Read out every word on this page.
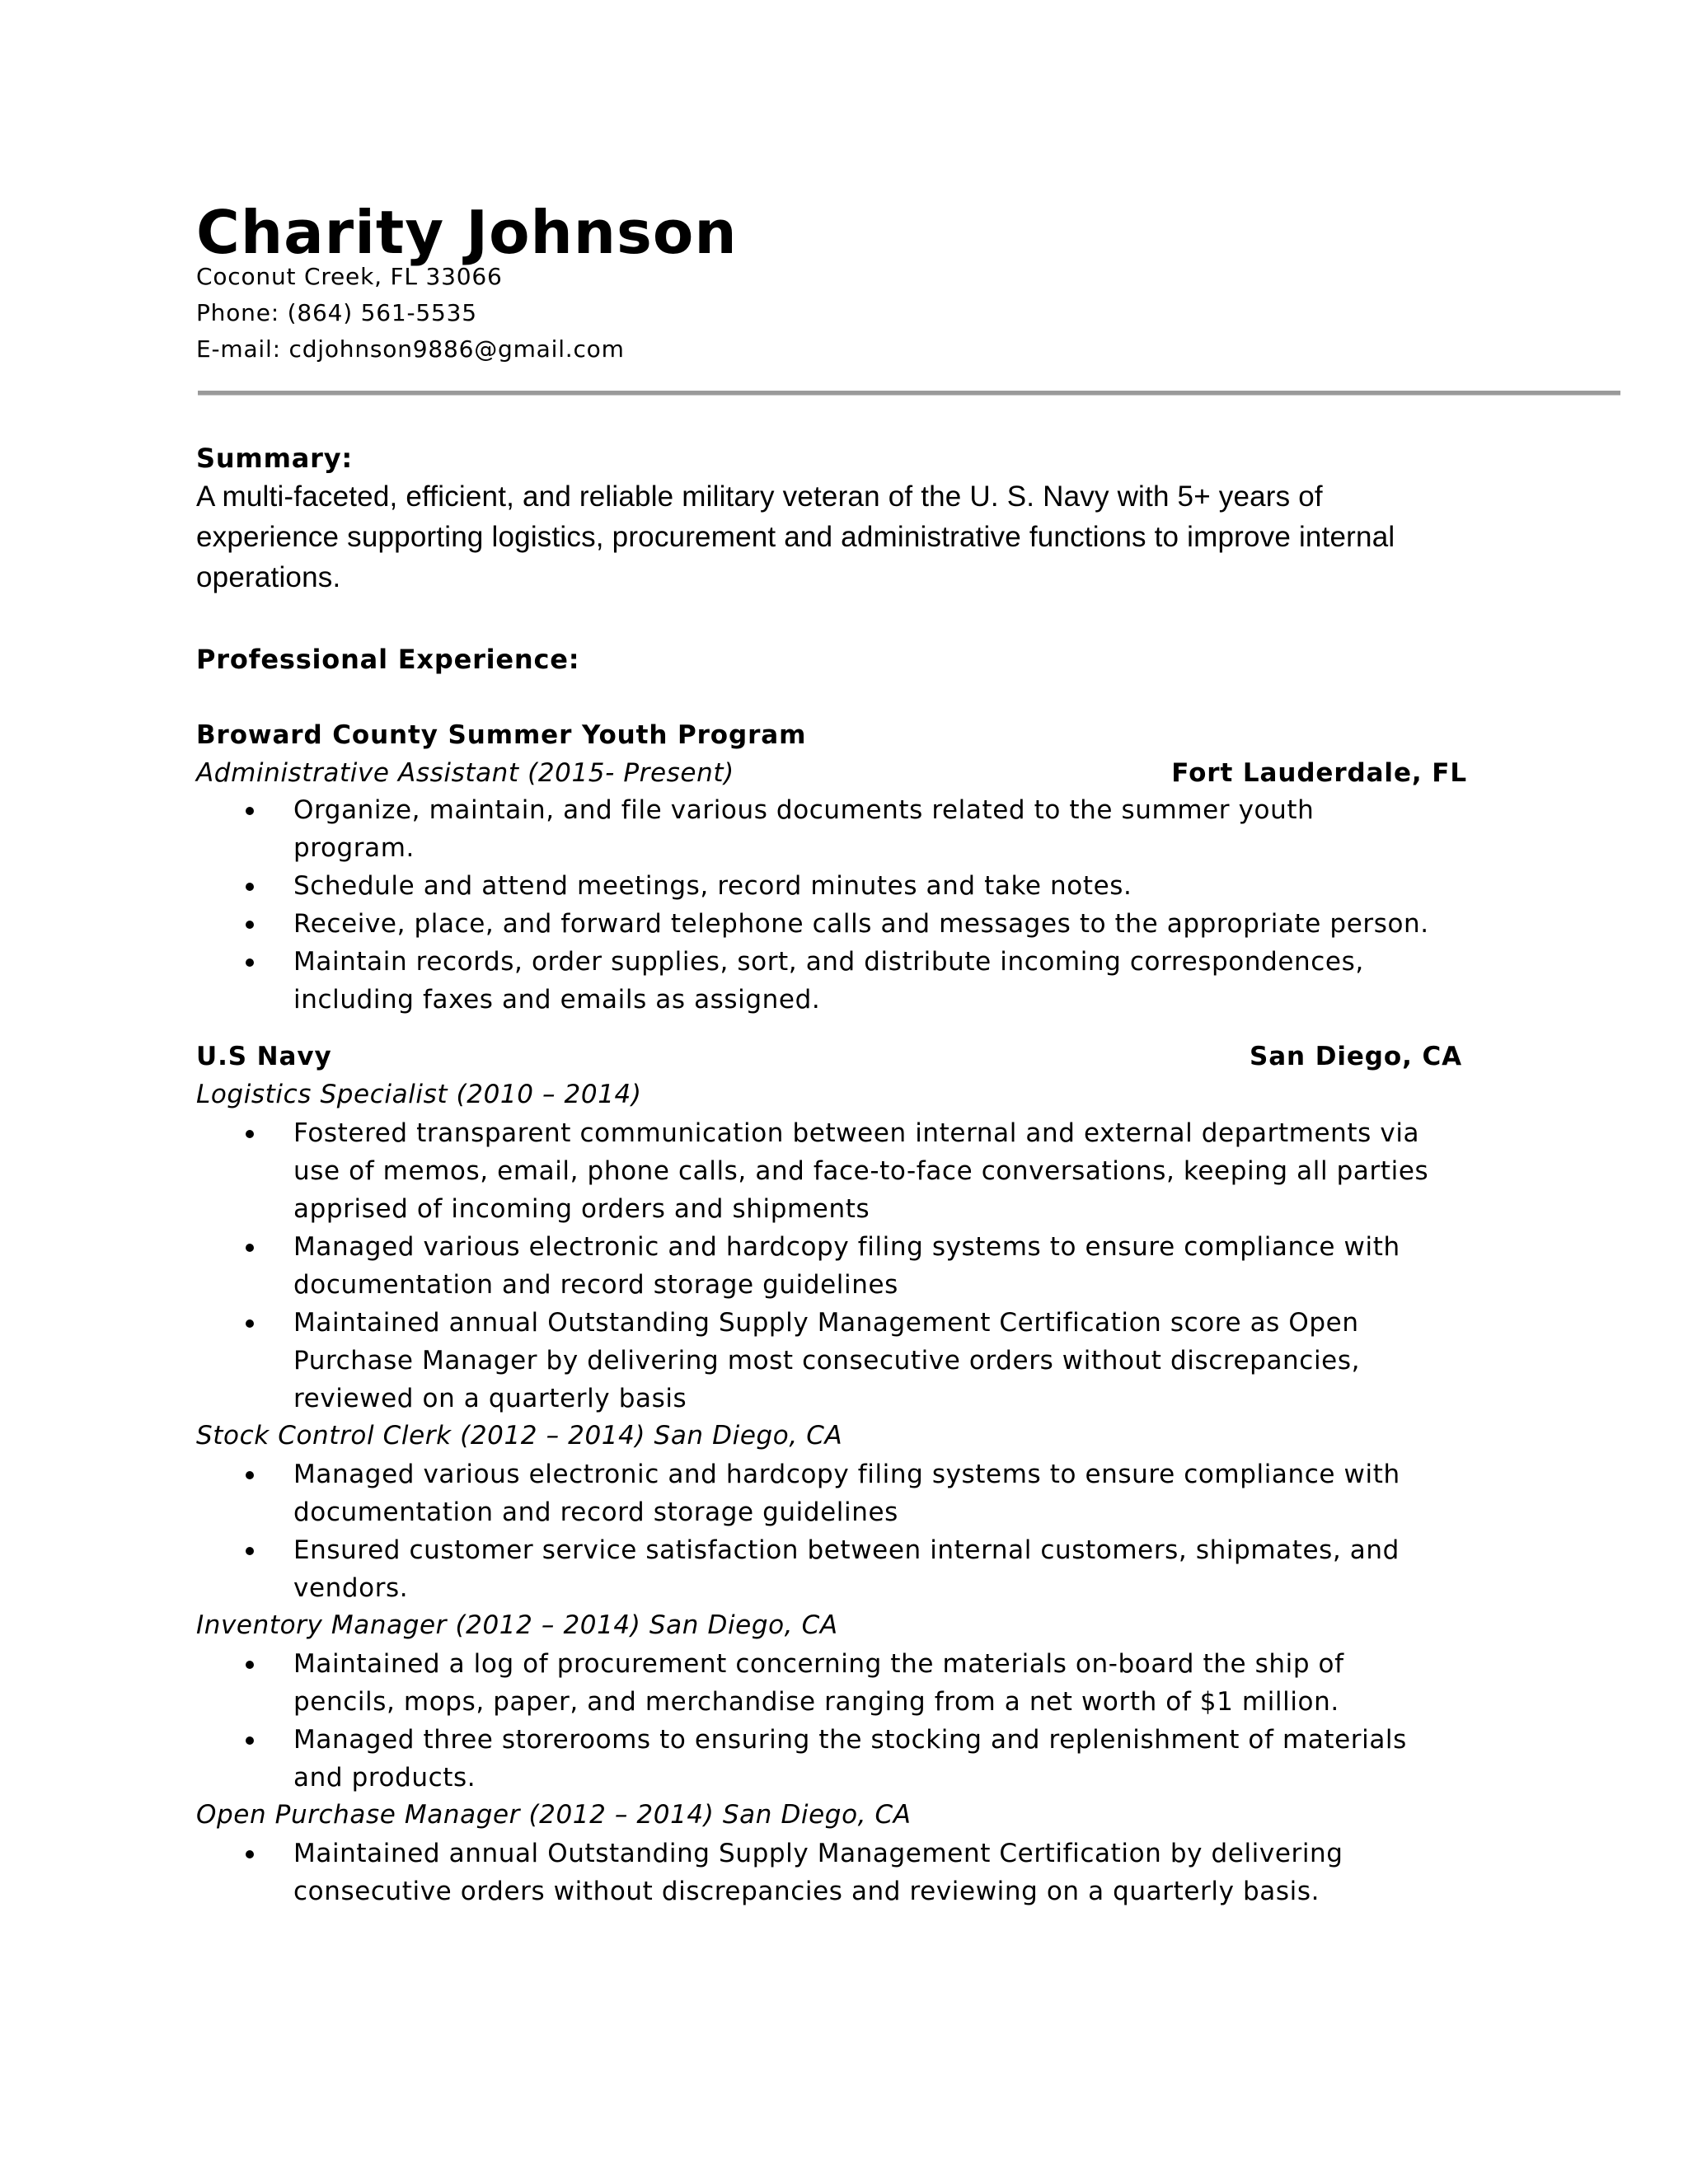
Charity Johnson
Coconut Creek, FL 33066
Phone: (864) 561-5535
E-mail: cdjohnson9886@gmail.com
Summary:
A multi-faceted, efficient, and reliable military veteran of the U. S. Navy with 5+ years of
experience supporting logistics, procurement and administrative functions to improve internal
operations.
Professional Experience:
Broward County Summer Youth Program
Administrative Assistant (2015- Present)	Fort Lauderdale, FL
Organize, maintain, and file various documents related to the summer youth
program.
Schedule and attend meetings, record minutes and take notes.
Receive, place, and forward telephone calls and messages to the appropriate person.
Maintain records, order supplies, sort, and distribute incoming correspondences,
including faxes and emails as assigned.
U.S Navy	San Diego, CA
Logistics Specialist (2010 – 2014)
Fostered transparent communication between internal and external departments via
use of memos, email, phone calls, and face-to-face conversations, keeping all parties
apprised of incoming orders and shipments
Managed various electronic and hardcopy filing systems to ensure compliance with
documentation and record storage guidelines
Maintained annual Outstanding Supply Management Certification score as Open
Purchase Manager by delivering most consecutive orders without discrepancies,
reviewed on a quarterly basis
Stock Control Clerk (2012 – 2014) San Diego, CA
Managed various electronic and hardcopy filing systems to ensure compliance with
documentation and record storage guidelines
Ensured customer service satisfaction between internal customers, shipmates, and
vendors.
Inventory Manager (2012 – 2014) San Diego, CA
Maintained a log of procurement concerning the materials on-board the ship of
pencils, mops, paper, and merchandise ranging from a net worth of $1 million.
Managed three storerooms to ensuring the stocking and replenishment of materials
and products.
Open Purchase Manager (2012 – 2014) San Diego, CA
Maintained annual Outstanding Supply Management Certification by delivering
consecutive orders without discrepancies and reviewing on a quarterly basis.
